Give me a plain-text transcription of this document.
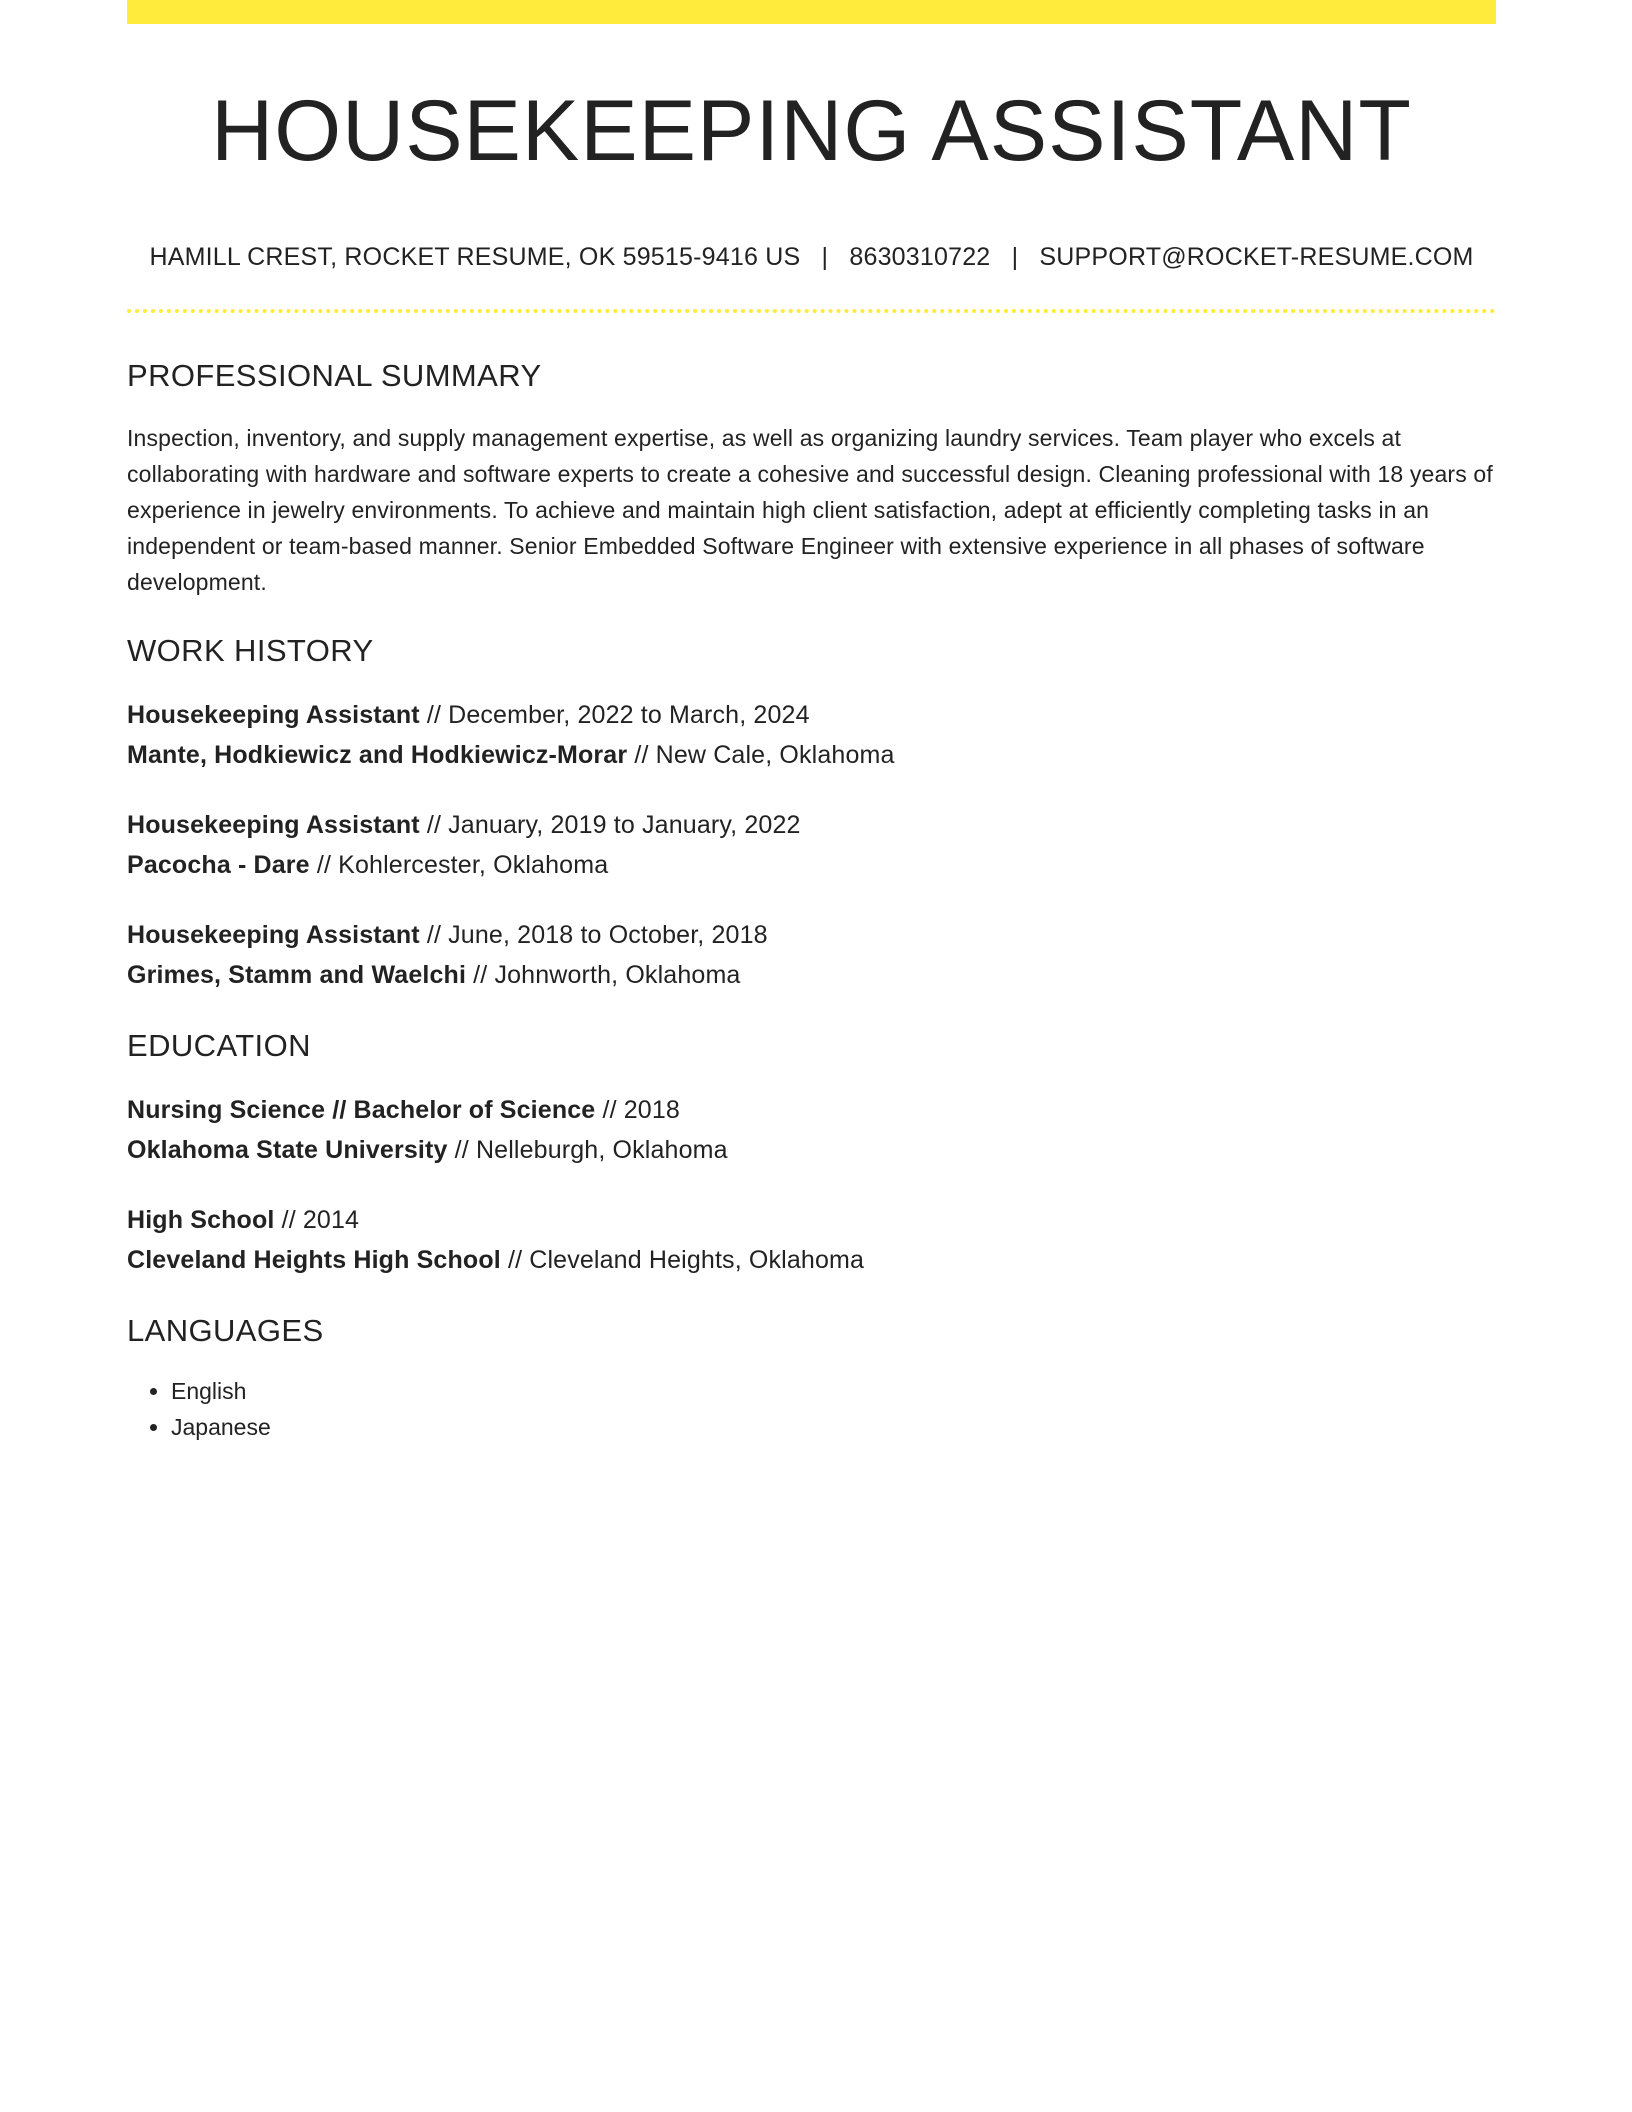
HOUSEKEEPING ASSISTANT
HAMILL CREST, ROCKET RESUME, OK 59515-9416 US | 8630310722 | SUPPORT@ROCKET-RESUME.COM
PROFESSIONAL SUMMARY

Inspection, inventory, and supply management expertise, as well as organizing laundry services. Team player who excels at collaborating with hardware and software experts to create a cohesive and successful design. Cleaning professional with 18 years of experience in jewelry environments. To achieve and maintain high client satisfaction, adept at efficiently completing tasks in an independent or team-based manner. Senior Embedded Software Engineer with extensive experience in all phases of software development.

WORK HISTORY
Housekeeping Assistant // December, 2022 to March, 2024
Mante, Hodkiewicz and Hodkiewicz-Morar // New Cale, Oklahoma
Housekeeping Assistant // January, 2019 to January, 2022
Pacocha - Dare // Kohlercester, Oklahoma
Housekeeping Assistant // June, 2018 to October, 2018
Grimes, Stamm and Waelchi // Johnworth, Oklahoma
EDUCATION
Nursing Science // Bachelor of Science // 2018
Oklahoma State University // Nelleburgh, Oklahoma
High School // 2014
Cleveland Heights High School // Cleveland Heights, Oklahoma
LANGUAGES
• English
• Japanese
